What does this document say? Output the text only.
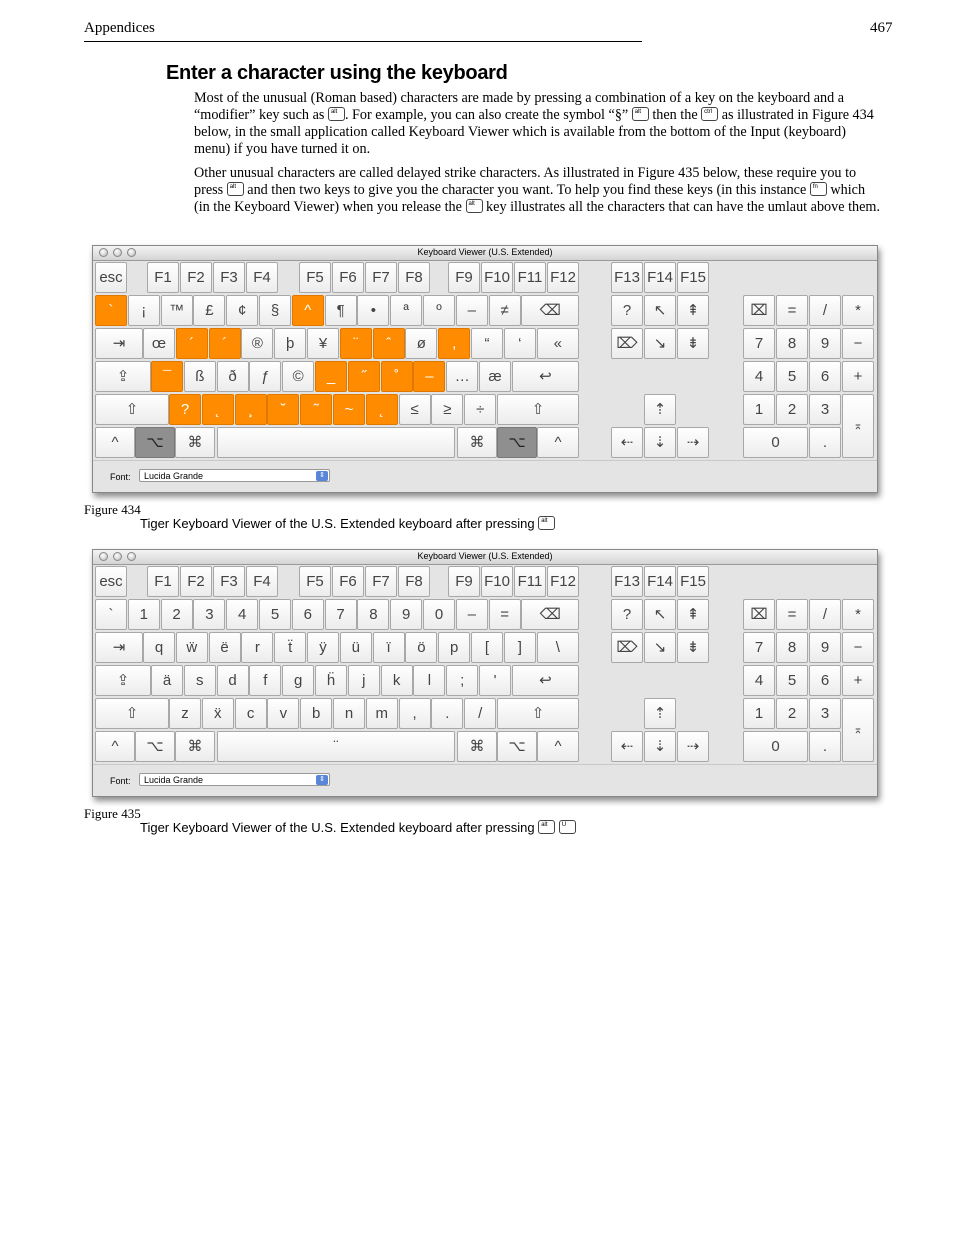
Appendices	467
Enter a character using the keyboard

Most of the unusual (Roman based) characters are made by pressing a combination of a key on the keyboard and a “modifier” key such as alt . For example, you can also create the symbol “§” alt then the ctrl as illustrated in Figure 434 below, in the small application called Keyboard Viewer which is available from the bottom of the Input (keyboard) menu) if you have turned it on.

Other unusual characters are called delayed strike characters. As illustrated in Figure 435 below, these require you to press alt and then two keys to give you the character you want. To help you find these keys (in this instance fn which (in the Keyboard Viewer) when you release the alt key illustrates all the characters that can have the umlaut above them.

Keyboard Viewer (U.S. Extended)
esc	F1	F2	F3	F4	F5	F6	F7	F8	F9 F10 F11 F12	F13 F14 F15
`	¡	™	£	¢	§	^	¶	•	ª	º	–	≠	⌫
⇥	œ	´	´	®	þ	¥	¨	ˆ	ø	,	“	‘	«
⇪	¯	ß	ð	ƒ	©	_	˝	˚	–	…	æ	↩
⇧	?	˛	¸	˘	˜	~	˛	≤	≥	÷	⇧
^	⌥	⌘	⌘	⌥	^
?	↖	⇞
⌦	↘	⇟
⇡
⇠	⇣	⇢
⌧	=	/	*
7	8	9	−
4	5	6	+
1	2	3
⌅
0	.
Font:	Lucida Grande	⇕
Figure 434
Tiger Keyboard Viewer of the U.S. Extended keyboard after pressing alt
Keyboard Viewer (U.S. Extended)
esc	F1	F2	F3	F4	F5	F6	F7	F8	F9 F10 F11 F12	F13 F14 F15
`	1	2	3	4	5	6	7	8	9	0	–	=	⌫
⇥	q	ẅ	ë	r	ẗ	ÿ	ü	ï	ö	p	[	]	\
⇪	ä	s	d	f	g	ḧ	j	k	l	;	'	↩
⇧	z	ẍ	c	v	b	n	m	,	.	/	⇧
^	⌥	⌘	¨	⌘	⌥	^
?	↖	⇞
⌦	↘	⇟
⇡
⇠	⇣	⇢
⌧	=	/	*
7	8	9	−
4	5	6	+
1	2	3
⌅
0	.
Font:	Lucida Grande	⇕
Figure 435
Tiger Keyboard Viewer of the U.S. Extended keyboard after pressing alt
U
